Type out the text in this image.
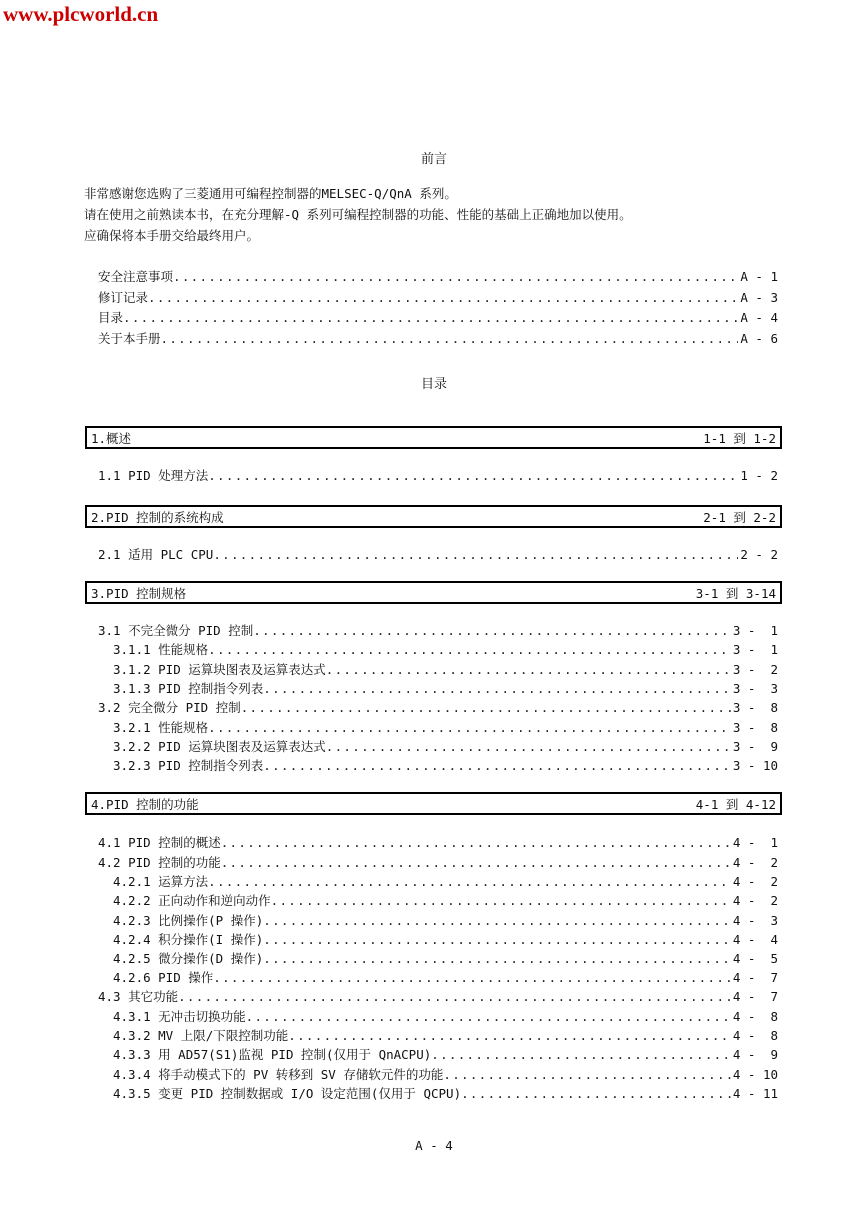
www.plcworld.cn
前言

非常感谢您选购了三菱通用可编程控制器的MELSEC-Q/QnA 系列。

请在使用之前熟读本书，在充分理解-Q 系列可编程控制器的功能、性能的基础上正确地加以使用。

应确保将本手册交给最终用户。

安全注意事项 .....	A - 1
修订记录 .....	A - 3
目录 .....	A - 4
关于本手册 .....	A - 6
目录
1.概述	1-1 到 1-2
1.1 PID 处理方法 .....	1 - 2
2.PID 控制的系统构成	2-1 到 2-2
2.1 适用 PLC CPU .....	2 - 2
3.PID 控制规格	3-1 到 3-14
3.1 不完全微分 PID 控制 .....	3 -  1
3.1.1 性能规格 .....	3 -  1
3.1.2 PID 运算块图表及运算表达式 .....	3 -  2
3.1.3 PID 控制指令列表 .....	3 -  3
3.2 完全微分 PID 控制 .....	3 -  8
3.2.1 性能规格 .....	3 -  8
3.2.2 PID 运算块图表及运算表达式 .....	3 -  9
3.2.3 PID 控制指令列表 .....	3 - 10
4.PID 控制的功能	4-1 到 4-12
4.1 PID 控制的概述 .....	4 -  1
4.2 PID 控制的功能 .....	4 -  2
4.2.1 运算方法 .....	4 -  2
4.2.2 正向动作和逆向动作 .....	4 -  2
4.2.3 比例操作(P 操作) .....	4 -  3
4.2.4 积分操作(I 操作) .....	4 -  4
4.2.5 微分操作(D 操作) .....	4 -  5
4.2.6 PID 操作 .....	4 -  7
4.3 其它功能 .....	4 -  7
4.3.1 无冲击切换功能 .....	4 -  8
4.3.2 MV 上限/下限控制功能 .....	4 -  8
4.3.3 用 AD57(S1)监视 PID 控制(仅用于 QnACPU) .....	4 -  9
4.3.4 将手动模式下的 PV 转移到 SV 存储软元件的功能 .....	4 - 10
4.3.5 变更 PID 控制数据或 I/O 设定范围(仅用于 QCPU) .....	4 - 11
A - 4
